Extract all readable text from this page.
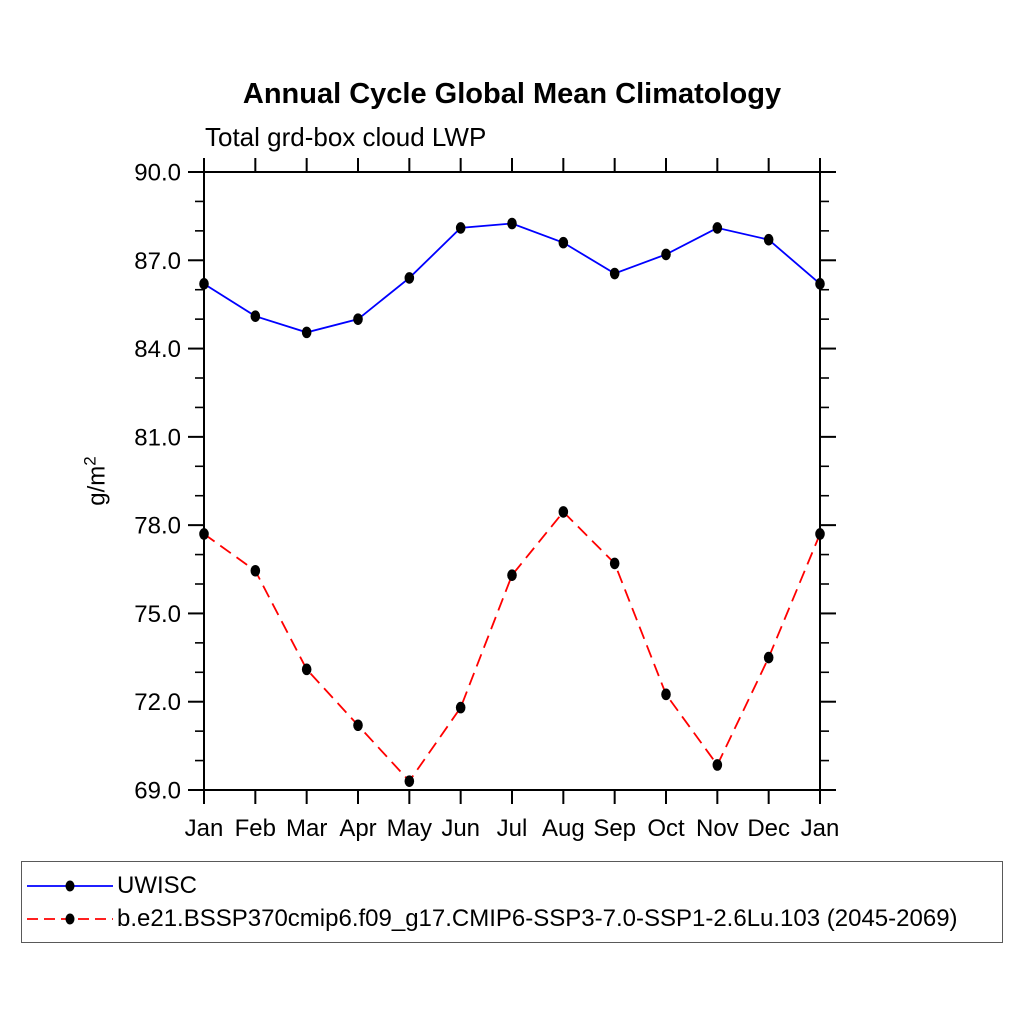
Annual Cycle Global Mean Climatology
Total grd-box cloud LWP
69.0
72.0
75.0
78.0
81.0
84.0
87.0
90.0
Jan Feb Mar Apr May Jun Jul Aug Sep Oct Nov Dec Jan
$g/m^2$
UWISC
b.e21.BSSP370cmip6.f09_g17.CMIP6-SSP3-7.0-SSP1-2.6Lu.103 (2045-2069)
